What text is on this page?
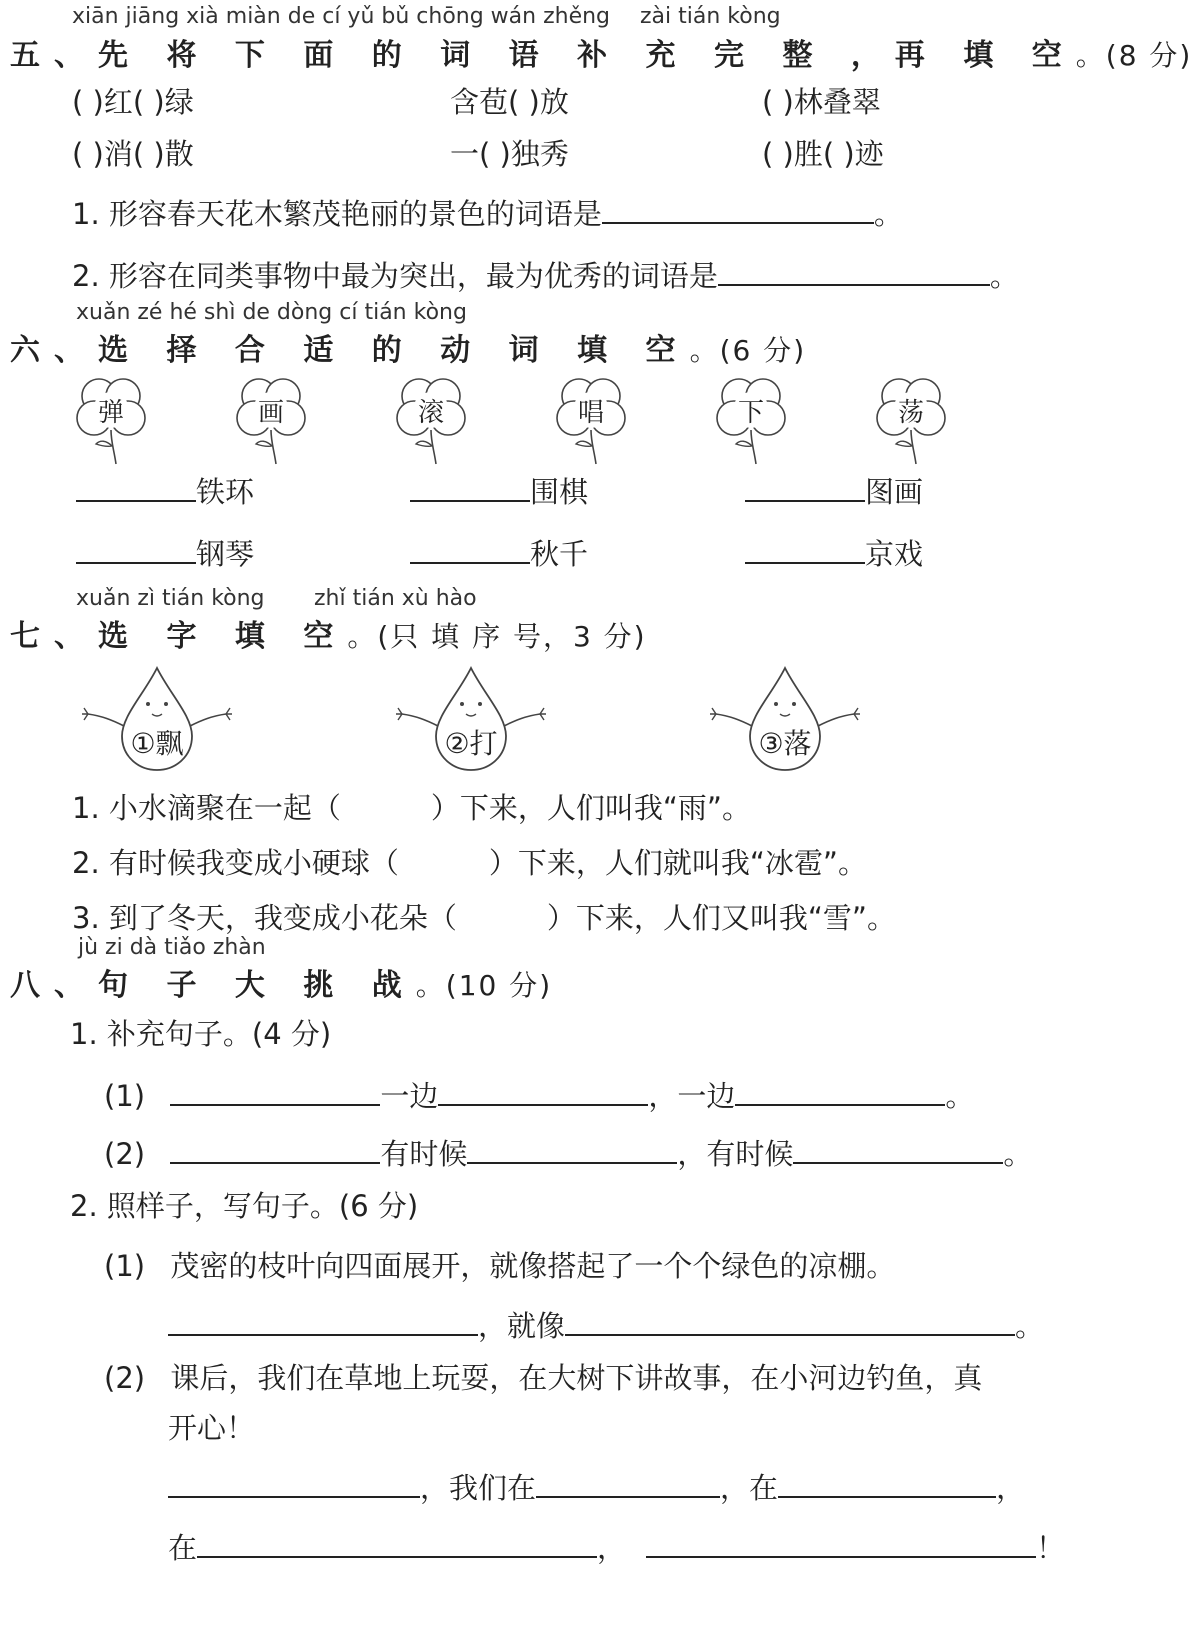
xiān jiāng xià miàn de cí yǔ bǔ chōng wán zhěng zài tián kòng
五、先 将 下 面 的 词 语 补 充 完 整 ，再 填 空。(8 分)
( )红( )绿	含苞( )放	( )林叠翠
( )消( )散	一( )独秀	( )胜( )迹
1. 形容春天花木繁茂艳丽的景色的词语是	。
2. 形容在同类事物中最为突出，最为优秀的词语是	。
xuǎn zé hé shì de dòng cí tián kòng
六、选 择 合 适 的 动 词 填 空。(6 分)
弹	画	滚	唱	下	荡
铁环	围棋	图画
钢琴	秋千	京戏
xuǎn zì tián kòng zhǐ tián xù hào
七、选 字 填 空。(只 填 序 号，3 分)
①飘	②打	③落
1. 小水滴聚在一起（	）下来，人们叫我“雨”。
2. 有时候我变成小硬球（	）下来，人们就叫我“冰雹”。
3. 到了冬天，我变成小花朵（	）下来，人们又叫我“雪”。
jù zi dà tiǎo zhàn
八、句 子 大 挑 战。(10 分)
1. 补充句子。(4 分)
(1)	一边	，一边	。
(2)	有时候	，有时候	。
2. 照样子，写句子。(6 分)
(1) 茂密的枝叶向四面展开，就像搭起了一个个绿色的凉棚。
，就像	。
(2) 课后，我们在草地上玩耍，在大树下讲故事，在小河边钓鱼，真
开心！
，我们在	，在	，
在	，	！
